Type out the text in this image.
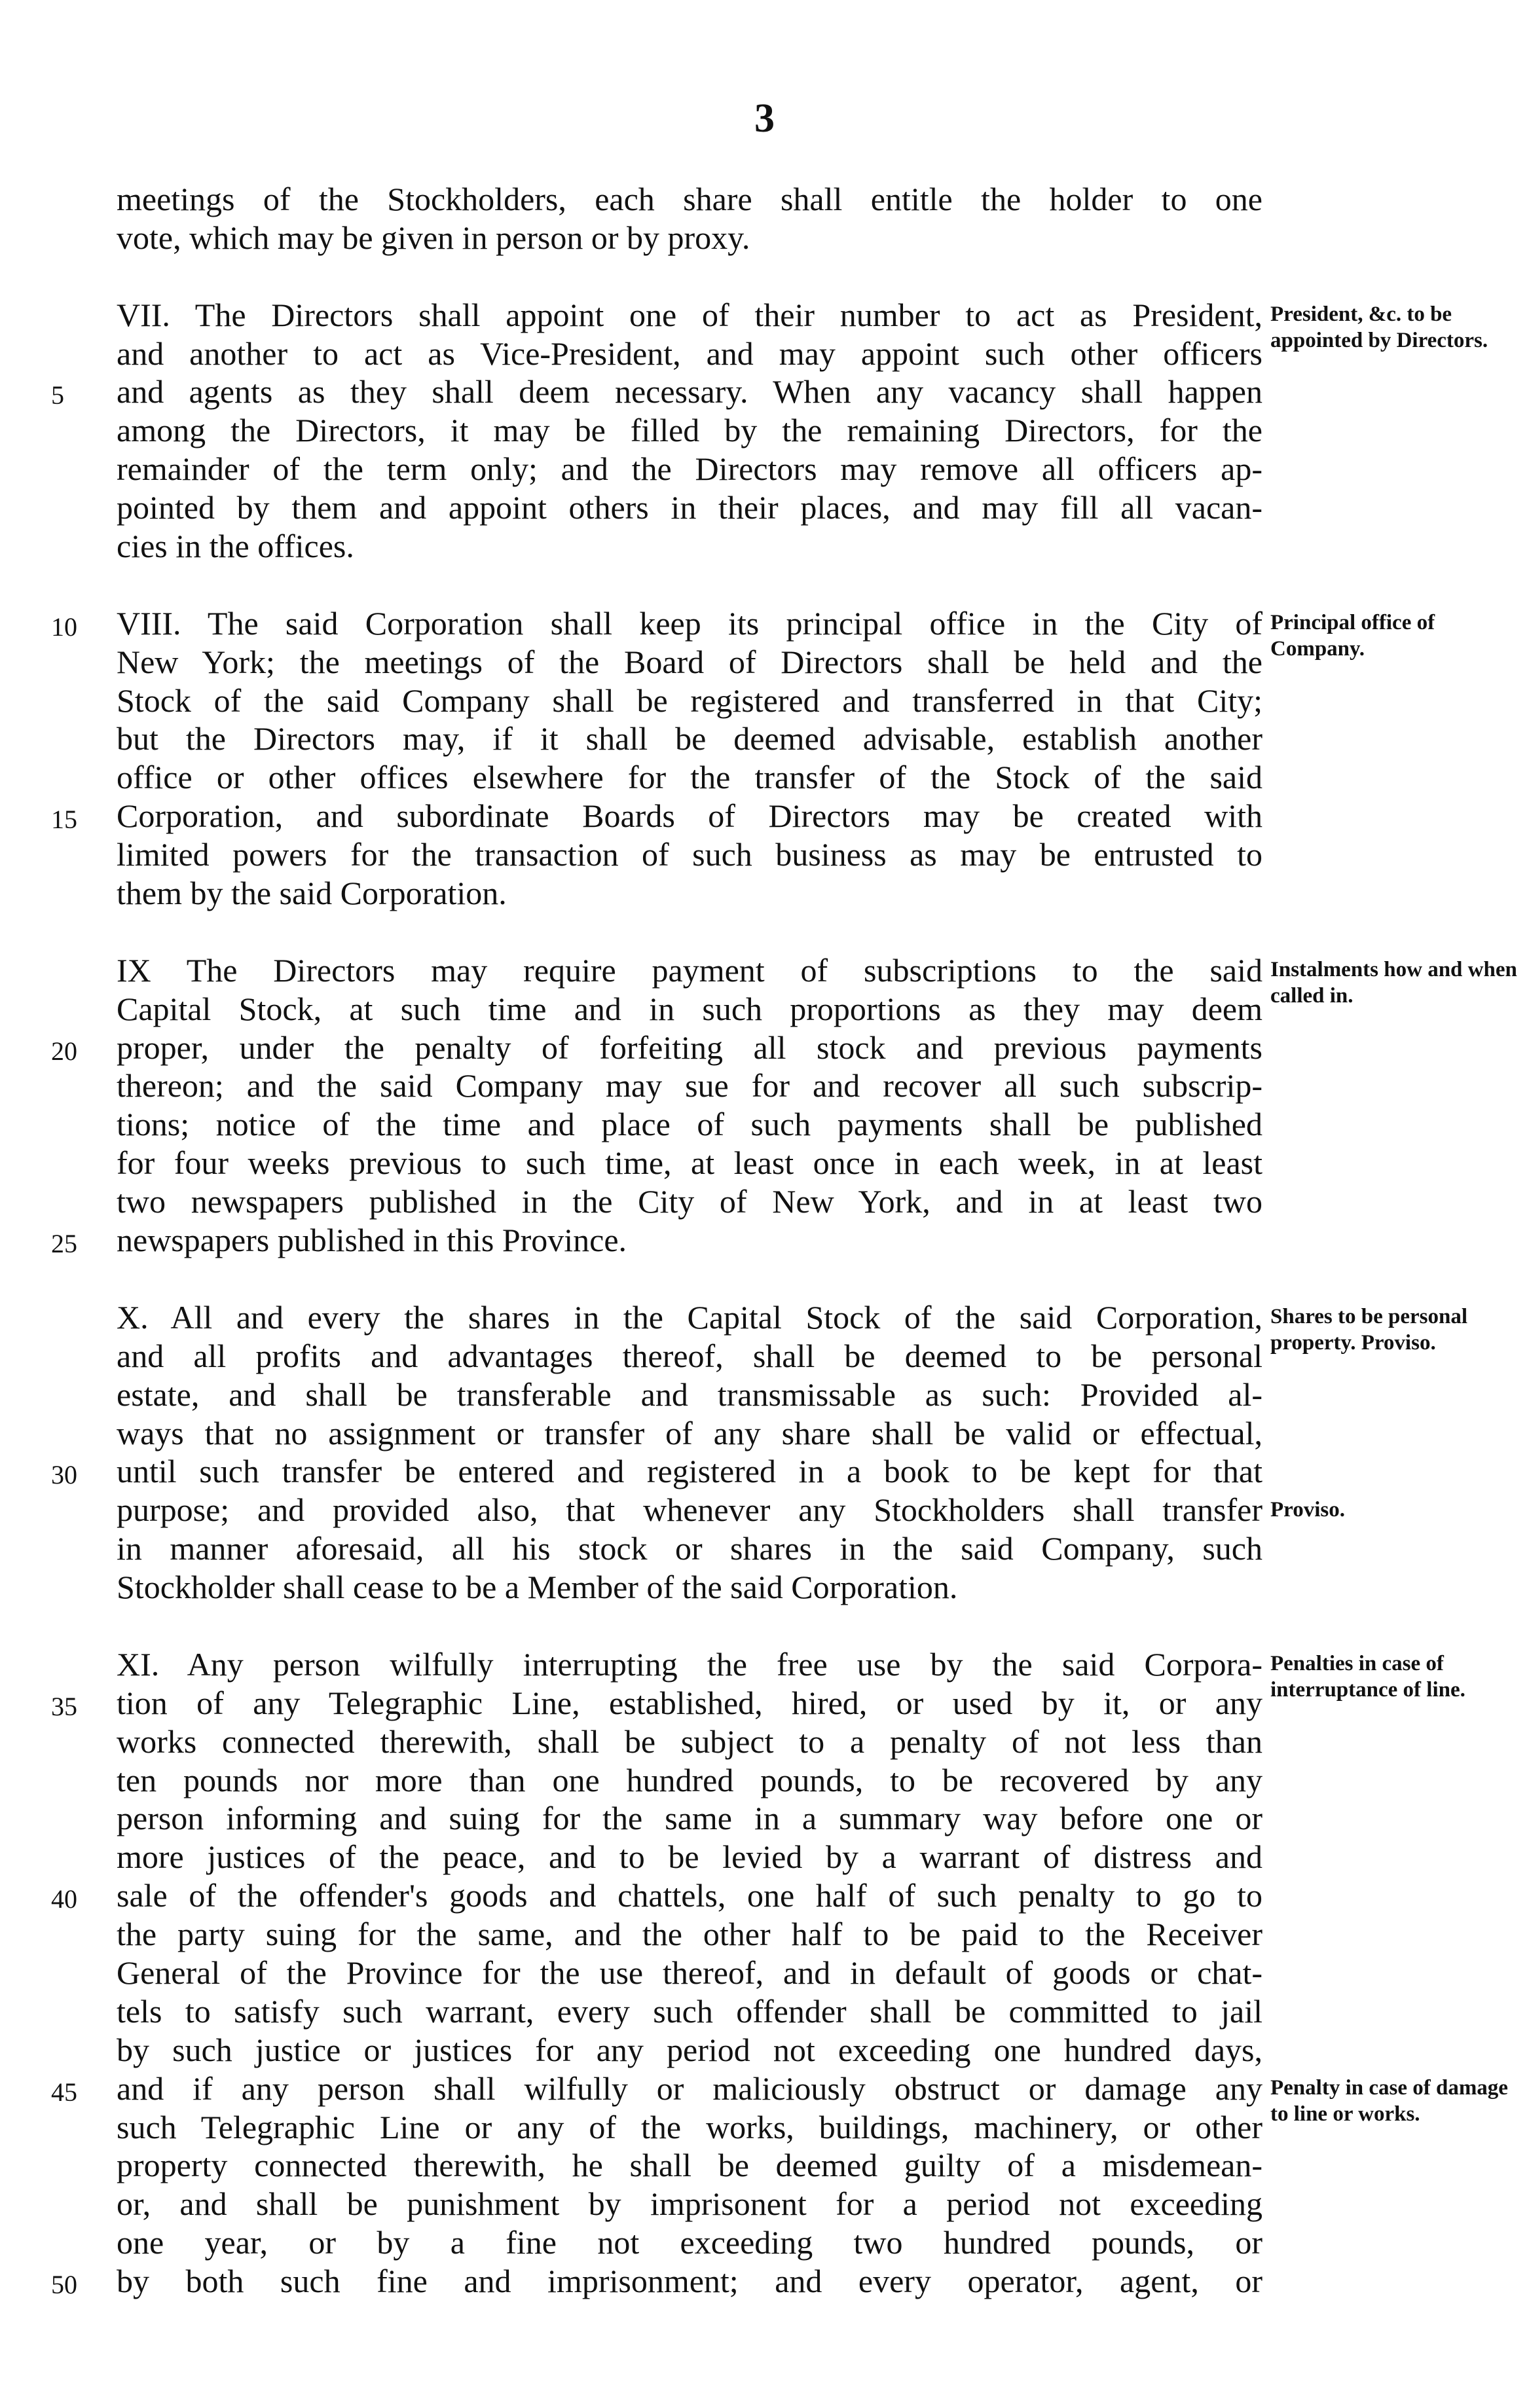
3
meetings of the Stockholders, each share shall entitle the holder to one
vote, which may be given in person or by proxy.
VII. The Directors shall appoint one of their number to act as President,
and another to act as Vice-President, and may appoint such other officers
5	and agents as they shall deem necessary. When any vacancy shall happen
among the Directors, it may be filled by the remaining Directors, for the
remainder of the term only; and the Directors may remove all officers ap-
pointed by them and appoint others in their places, and may fill all vacan-
cies in the offices.
10	VIII. The said Corporation shall keep its principal office in the City of
New York; the meetings of the Board of Directors shall be held and the
Stock of the said Company shall be registered and transferred in that City;
but the Directors may, if it shall be deemed advisable, establish another
office or other offices elsewhere for the transfer of the Stock of the said
15	Corporation, and subordinate Boards of Directors may be created with
limited powers for the transaction of such business as may be entrusted to
them by the said Corporation.
IX The Directors may require payment of subscriptions to the said
Capital Stock, at such time and in such proportions as they may deem
20	proper, under the penalty of forfeiting all stock and previous payments
thereon; and the said Company may sue for and recover all such subscrip-
tions; notice of the time and place of such payments shall be published
for four weeks previous to such time, at least once in each week, in at least
two newspapers published in the City of New York, and in at least two
25	newspapers published in this Province.
X. All and every the shares in the Capital Stock of the said Corporation,
and all profits and advantages thereof, shall be deemed to be personal
estate, and shall be transferable and transmissable as such: Provided al-
ways that no assignment or transfer of any share shall be valid or effectual,
30	until such transfer be entered and registered in a book to be kept for that
purpose; and provided also, that whenever any Stockholders shall transfer
in manner aforesaid, all his stock or shares in the said Company, such
Stockholder shall cease to be a Member of the said Corporation.
XI. Any person wilfully interrupting the free use by the said Corpora-
35	tion of any Telegraphic Line, established, hired, or used by it, or any
works connected therewith, shall be subject to a penalty of not less than
ten pounds nor more than one hundred pounds, to be recovered by any
person informing and suing for the same in a summary way before one or
more justices of the peace, and to be levied by a warrant of distress and
40	sale of the offender's goods and chattels, one half of such penalty to go to
the party suing for the same, and the other half to be paid to the Receiver
General of the Province for the use thereof, and in default of goods or chat-
tels to satisfy such warrant, every such offender shall be committed to jail
by such justice or justices for any period not exceeding one hundred days,
45	and if any person shall wilfully or maliciously obstruct or damage any
such Telegraphic Line or any of the works, buildings, machinery, or other
property connected therewith, he shall be deemed guilty of a misdemean-
or, and shall be punishment by imprisonent for a period not exceeding
one year, or by a fine not exceeding two hundred pounds, or
50	by both such fine and imprisonment; and every operator, agent, or
President, &c. to be appointed by Directors.
Principal office of Company.
Instalments how and when called in.
Shares to be personal property. Proviso.
Proviso.
Penalties in case of interruptance of line.
Penalty in case of damage to line or works.
